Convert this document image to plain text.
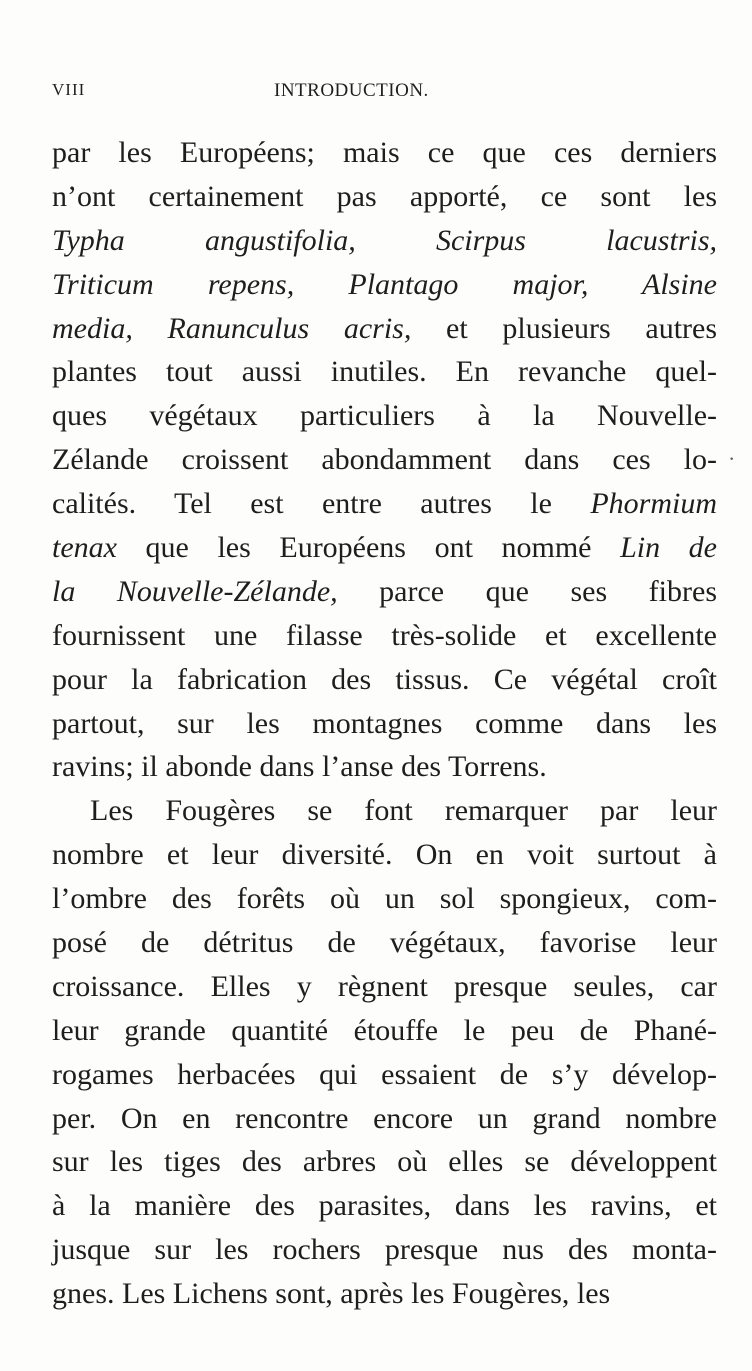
VIII	INTRODUCTION.
par les Européens; mais ce que ces derniers
n’ont certainement pas apporté, ce sont les
Typha angustifolia, Scirpus lacustris,
Triticum repens, Plantago major, Alsine
media, Ranunculus acris, et plusieurs autres
plantes tout aussi inutiles. En revanche quel-
ques végétaux particuliers à la Nouvelle-
Zélande croissent abondamment dans ces lo-
calités. Tel est entre autres le Phormium
tenax que les Européens ont nommé Lin de
la Nouvelle-Zélande, parce que ses fibres
fournissent une filasse très-solide et excellente
pour la fabrication des tissus. Ce végétal croît
partout, sur les montagnes comme dans les
ravins; il abonde dans l’anse des Torrens.
Les Fougères se font remarquer par leur
nombre et leur diversité. On en voit surtout à
l’ombre des forêts où un sol spongieux, com-
posé de détritus de végétaux, favorise leur
croissance. Elles y règnent presque seules, car
leur grande quantité étouffe le peu de Phané-
rogames herbacées qui essaient de s’y dévelop-
per. On en rencontre encore un grand nombre
sur les tiges des arbres où elles se développent
à la manière des parasites, dans les ravins, et
jusque sur les rochers presque nus des monta-
gnes. Les Lichens sont, après les Fougères, les
·
